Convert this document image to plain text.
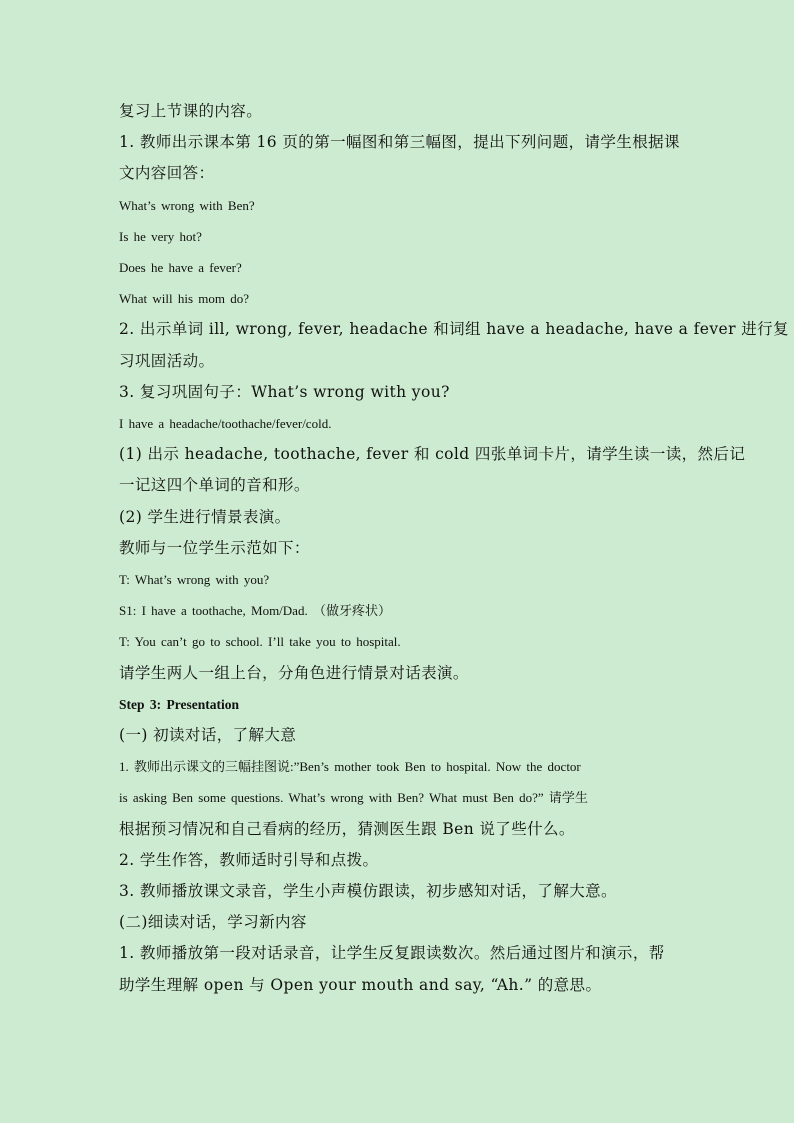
复习上节课的内容。

1. 教师出示课本第 16 页的第一幅图和第三幅图，提出下列问题，请学生根据课

文内容回答：

What’s wrong with Ben?

Is he very hot?

Does he have a fever?

What will his mom do?

2. 出示单词 ill, wrong, fever, headache 和词组 have a headache, have a fever 进行复

习巩固活动。

3. 复习巩固句子：What’s wrong with you?

I have a headache/toothache/fever/cold.

(1) 出示 headache, toothache, fever 和 cold 四张单词卡片，请学生读一读，然后记

一记这四个单词的音和形。

(2) 学生进行情景表演。

教师与一位学生示范如下：

T: What’s wrong with you?

S1: I have a toothache, Mom/Dad. （做牙疼状）

T: You can’t go to school. I’ll take you to hospital.

请学生两人一组上台，分角色进行情景对话表演。

Step 3: Presentation

(一) 初读对话，了解大意

1. 教师出示课文的三幅挂图说:”Ben’s mother took Ben to hospital. Now the doctor

is asking Ben some questions. What’s wrong with Ben? What must Ben do?” 请学生

根据预习情况和自己看病的经历，猜测医生跟 Ben 说了些什么。

2. 学生作答，教师适时引导和点拨。

3. 教师播放课文录音，学生小声模仿跟读，初步感知对话，了解大意。

(二)细读对话，学习新内容

1. 教师播放第一段对话录音，让学生反复跟读数次。然后通过图片和演示，帮

助学生理解 open 与 Open your mouth and say, “Ah.” 的意思。
